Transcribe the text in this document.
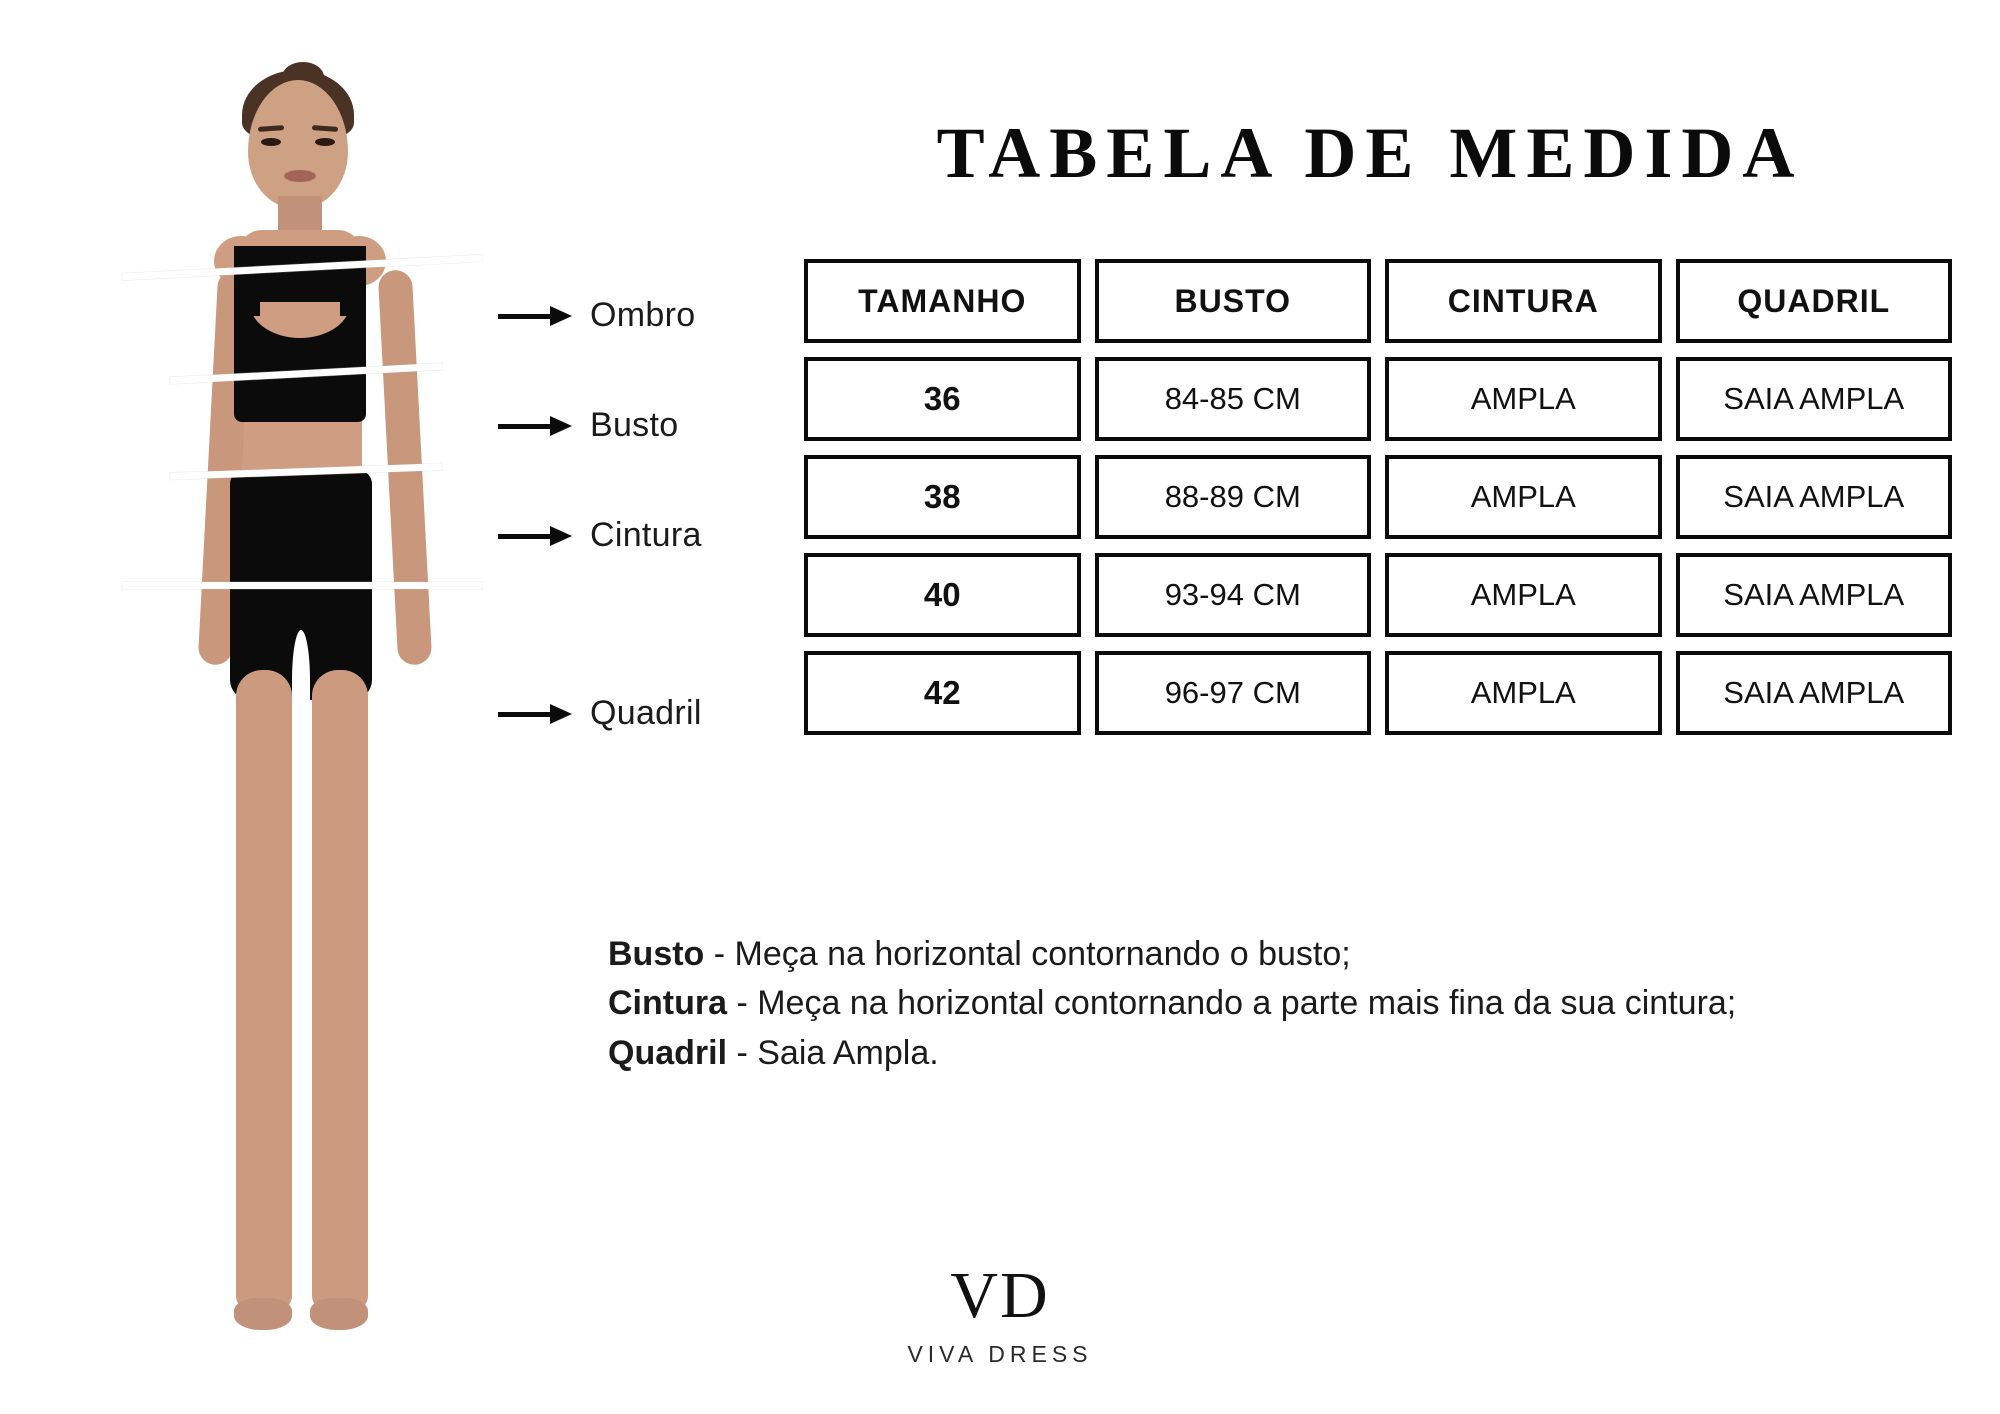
Ombro
Busto
Cintura
Quadril
TABELA DE MEDIDA
TAMANHO	BUSTO	CINTURA	QUADRIL
36	84-85 CM	AMPLA	SAIA AMPLA
38	88-89 CM	AMPLA	SAIA AMPLA
40	93-94 CM	AMPLA	SAIA AMPLA
42	96-97 CM	AMPLA	SAIA AMPLA
Busto - Meça na horizontal contornando o busto;
Cintura - Meça na horizontal contornando a parte mais fina da sua cintura;
Quadril - Saia Ampla.
VD
VIVA DRESS
